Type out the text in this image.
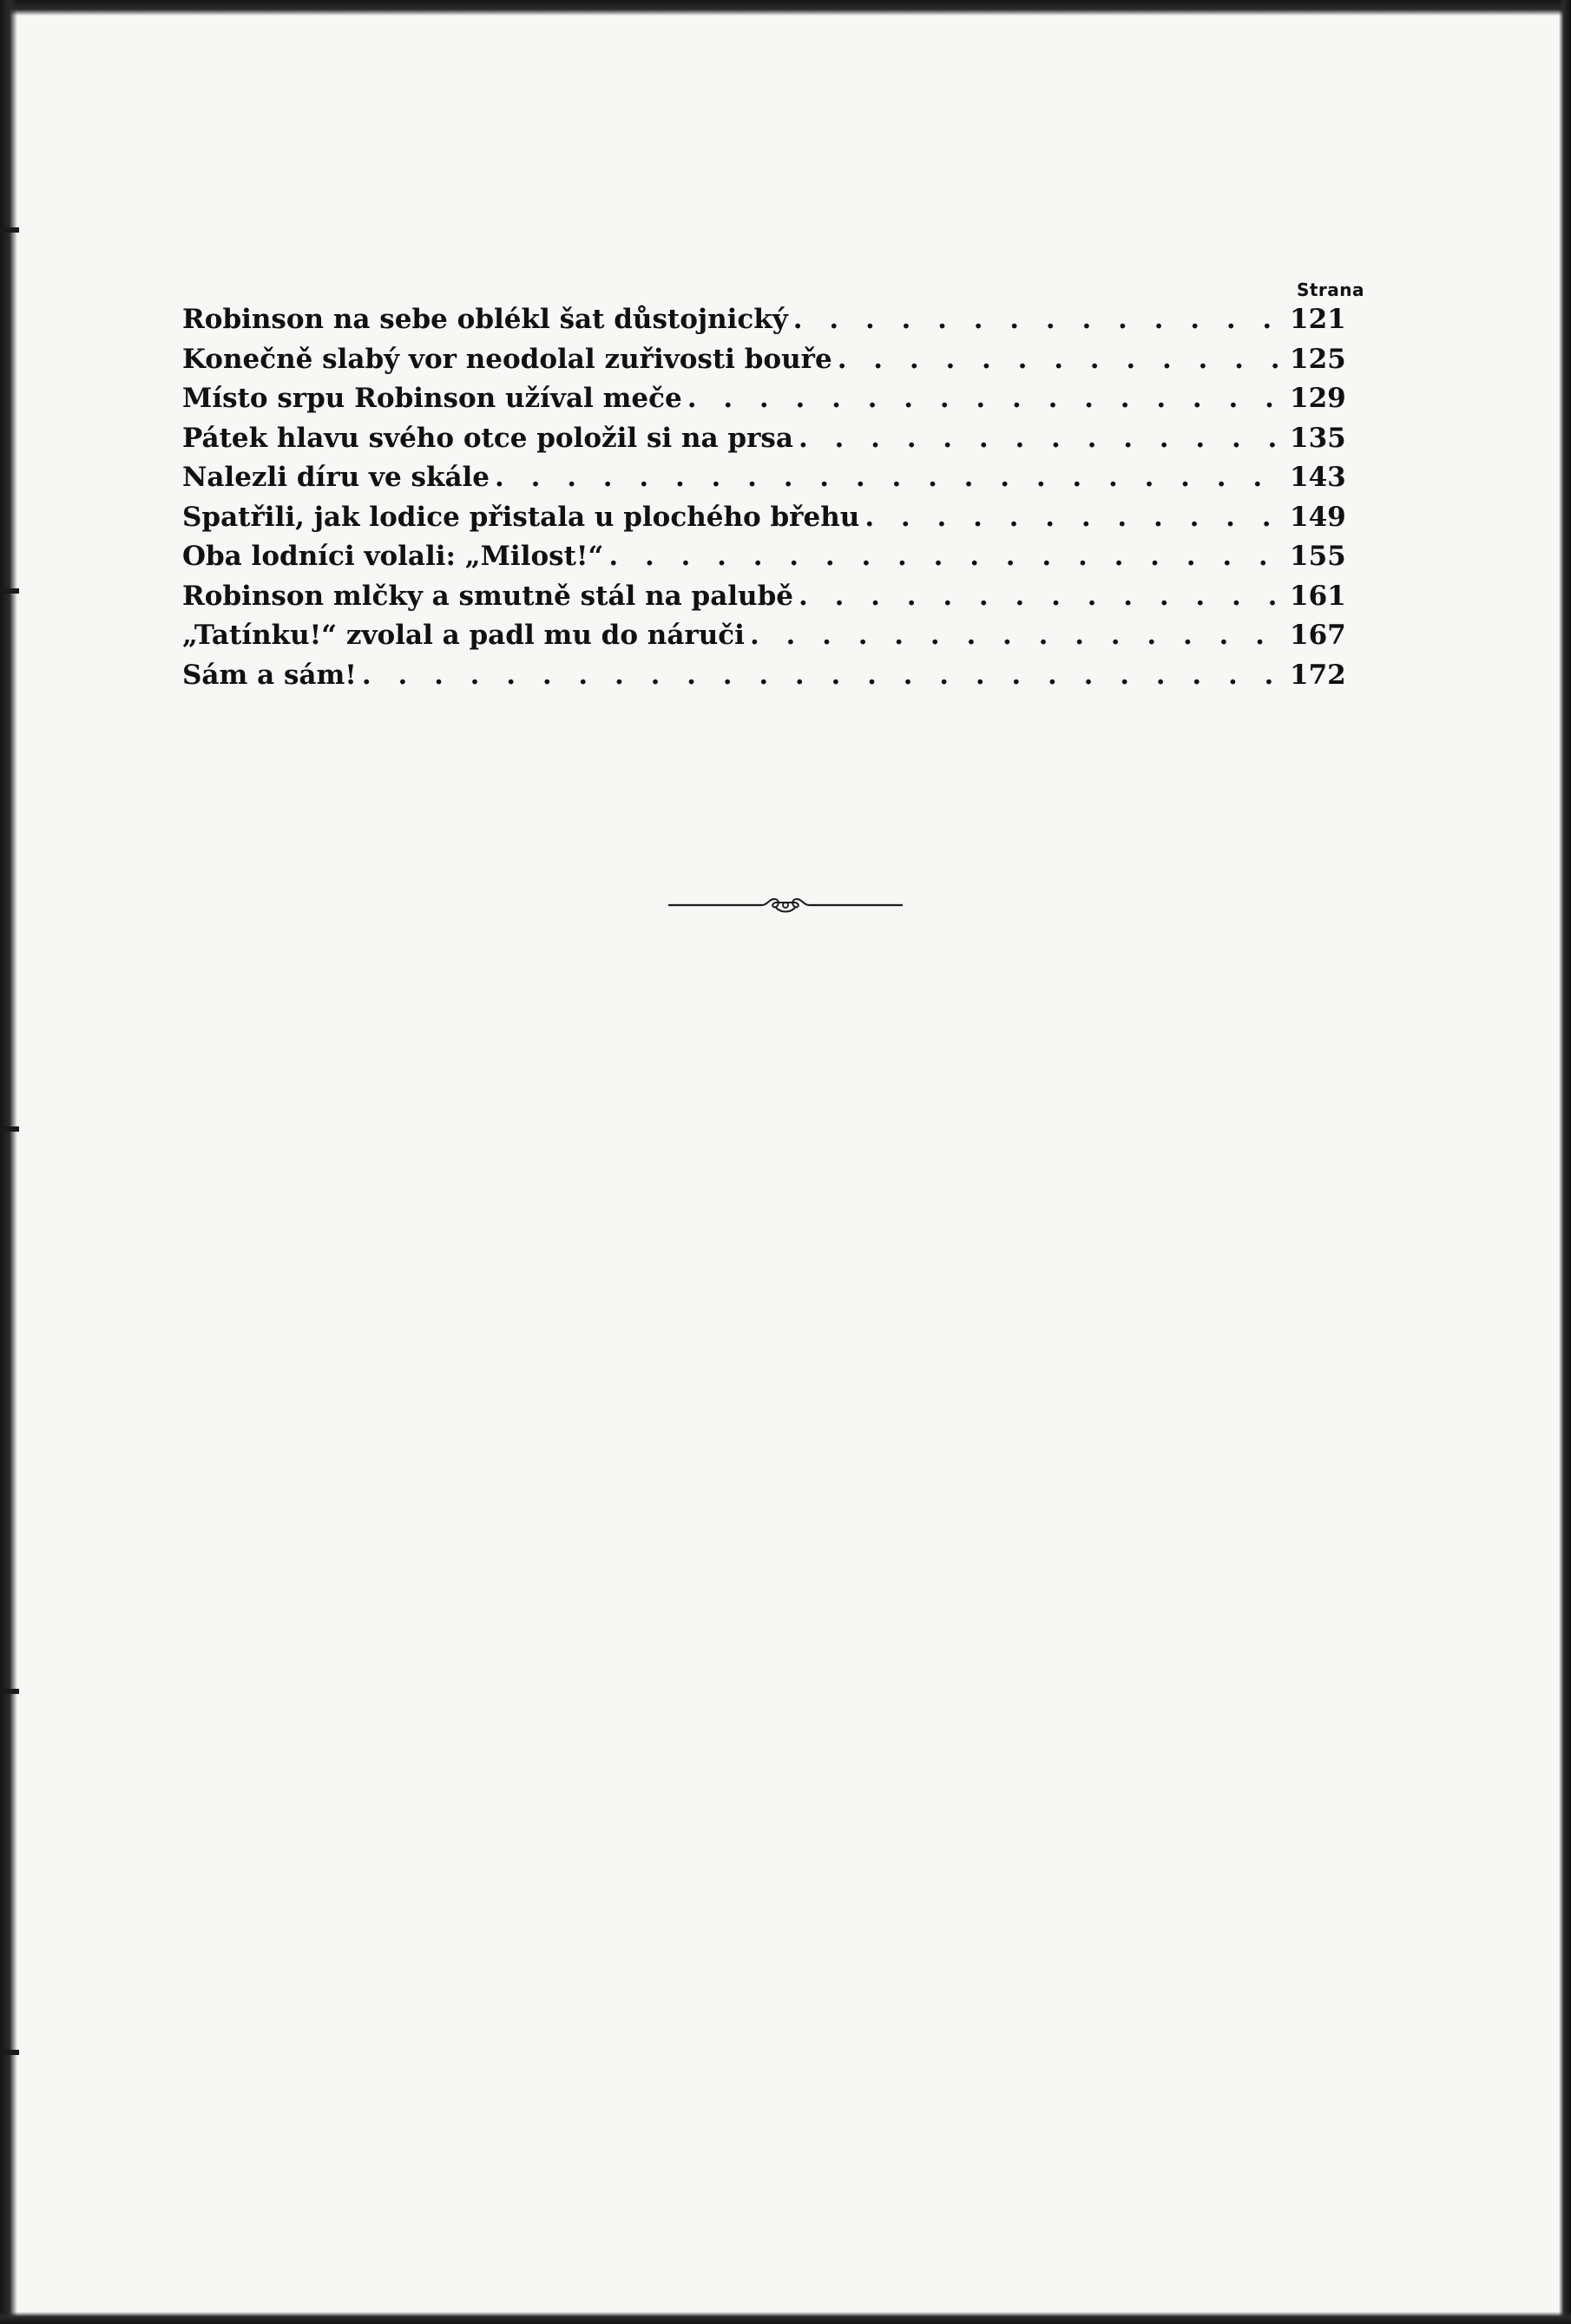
Strana
Robinson na sebe oblékl šat důstojnický . . .	121
Konečně slabý vor neodolal zuřivosti bouře . . .	125
Místo srpu Robinson užíval meče . . .	129
Pátek hlavu svého otce položil si na prsa . . .	135
Nalezli díru ve skále . . .	143
Spatřili, jak lodice přistala u plochého břehu . . .	149
Oba lodníci volali: „Milost!“ . . .	155
Robinson mlčky a smutně stál na palubě . . .	161
„Tatínku!“ zvolal a padl mu do náruči . . .	167
Sám a sám! . . .	172
